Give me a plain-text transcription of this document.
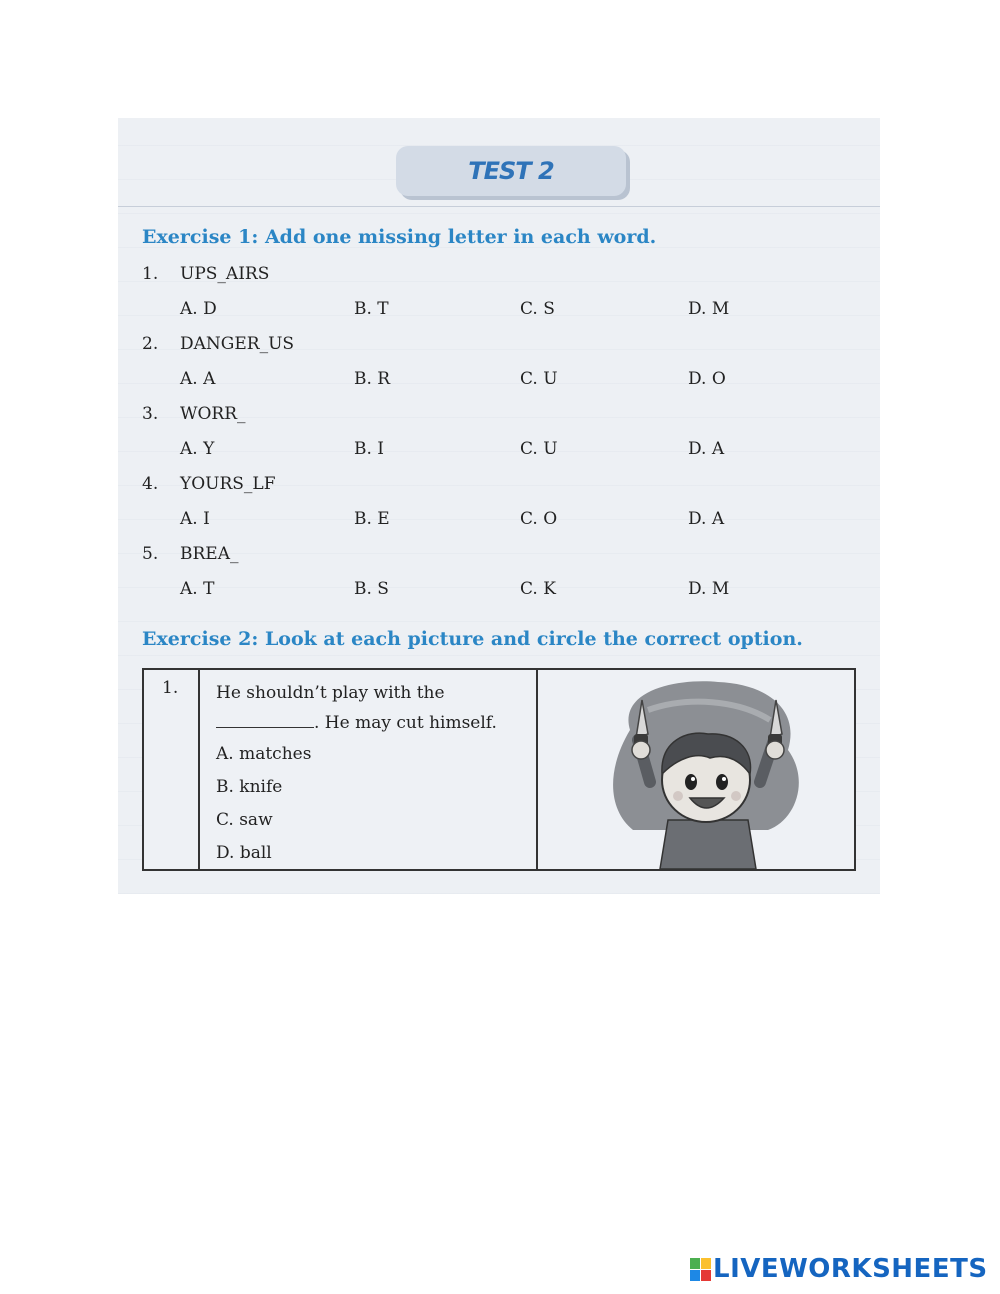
TEST 2
Exercise 1: Add one missing letter in each word.
1. UPS_AIRS
A. D	B. T	C. S	D. M
2. DANGER_US
A. A	B. R	C. U	D. O
3. WORR_
A. Y	B. I	C. U	D. A
4. YOURS_LF
A. I	B. E	C. O	D. A
5. BREA_
A. T	B. S	C. K	D. M
Exercise 2: Look at each picture and circle the correct option.
1. He shouldn’t play with the
. He may cut himself.
A. matches
B. knife
C. saw
D. ball
LIVEWORKSHEETS
